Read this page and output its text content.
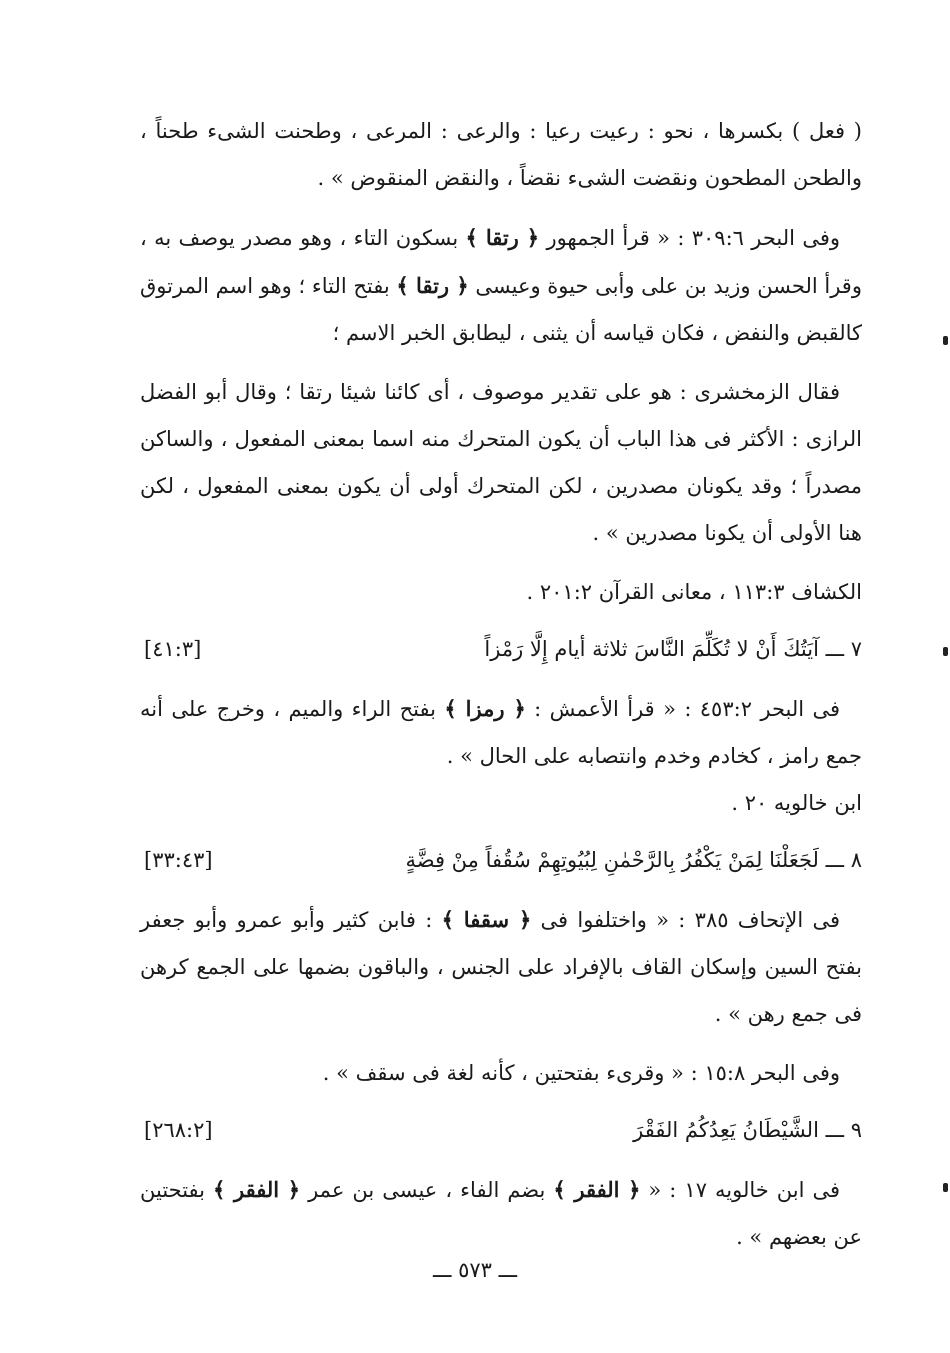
( فعل ) بكسرها ، نحو : رعيت رعيا : والرعى : المرعى ، وطحنت الشىء طحناً ، والطحن المطحون ونقضت الشىء نقضاً ، والنقض المنقوض » .

وفى البحر ٣٠٩:٦ : « قرأ الجمهور ﴿ رتقا ﴾ بسكون التاء ، وهو مصدر يوصف به ، وقرأ الحسن وزيد بن على وأبى حيوة وعيسى ﴿ رتقا ﴾ بفتح التاء ؛ وهو اسم المرتوق كالقبض والنفض ، فكان قياسه أن يثنى ، ليطابق الخبر الاسم ؛

فقال الزمخشرى : هو على تقدير موصوف ، أى كائنا شيئا رتقا ؛ وقال أبو الفضل الرازى : الأكثر فى هذا الباب أن يكون المتحرك منه اسما بمعنى المفعول ، والساكن مصدراً ؛ وقد يكونان مصدرين ، لكن المتحرك أولى أن يكون بمعنى المفعول ، لكن هنا الأولى أن يكونا مصدرين » .

الكشاف ١١٣:٣ ، معانى القرآن ٢٠١:٢ .

٧ ـــ آيَتُكَ أَنْ لا تُكَلِّمَ النَّاسَ ثلاثة أيام إِلَّا رَمْزاً
[٤١:٣]

فى البحر ٤٥٣:٢ : « قرأ الأعمش : ﴿ رمزا ﴾ بفتح الراء والميم ، وخرج على أنه جمع رامز ، كخادم وخدم وانتصابه على الحال » .

ابن خالويه ٢٠ .

٨ ـــ لَجَعَلْنَا لِمَنْ يَكْفُرُ بِالرَّحْمٰنِ لِبُيُوتِهِمْ سُقُفاً مِنْ فِضَّةٍ
[٣٣:٤٣]

فى الإتحاف ٣٨٥ : « واختلفوا فى ﴿ سقفا ﴾ : فابن كثير وأبو عمرو وأبو جعفر بفتح السين وإسكان القاف بالإفراد على الجنس ، والباقون بضمها على الجمع كرهن فى جمع رهن » .

وفى البحر ١٥:٨ : « وقرىء بفتحتين ، كأنه لغة فى سقف » .

٩ ـــ الشَّيْطَانُ يَعِدُكُمُ الفَقْرَ
[٢٦٨:٢]

فى ابن خالويه ١٧ : « ﴿ الفقر ﴾ بضم الفاء ، عيسى بن عمر ﴿ الفقر ﴾ بفتحتين عن بعضهم » .

ـــ ٥٧٣ ـــ
